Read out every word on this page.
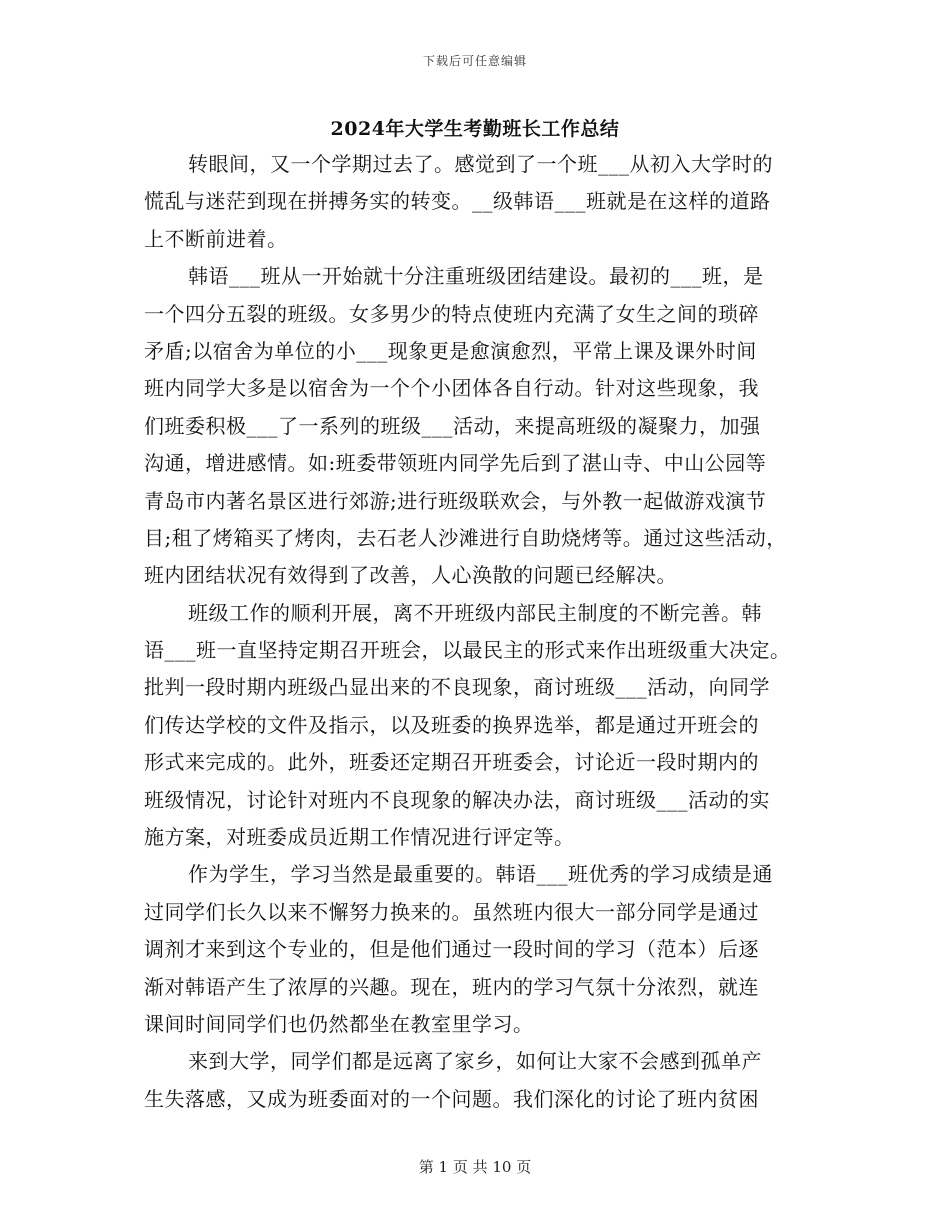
下载后可任意编辑
2024年大学生考勤班长工作总结
转眼间，又一个学期过去了。感觉到了一个班___从初入大学时的
慌乱与迷茫到现在拼搏务实的转变。__级韩语___班就是在这样的道路
上不断前进着。
韩语___班从一开始就十分注重班级团结建设。最初的___班，是
一个四分五裂的班级。女多男少的特点使班内充满了女生之间的琐碎
矛盾;以宿舍为单位的小___现象更是愈演愈烈，平常上课及课外时间
班内同学大多是以宿舍为一个个小团体各自行动。针对这些现象，我
们班委积极___了一系列的班级___活动，来提高班级的凝聚力，加强
沟通，增进感情。如:班委带领班内同学先后到了湛山寺、中山公园等
青岛市内著名景区进行郊游;进行班级联欢会，与外教一起做游戏演节
目;租了烤箱买了烤肉，去石老人沙滩进行自助烧烤等。通过这些活动，
班内团结状况有效得到了改善，人心涣散的问题已经解决。
班级工作的顺利开展，离不开班级内部民主制度的不断完善。韩
语___班一直坚持定期召开班会，以最民主的形式来作出班级重大决定。
批判一段时期内班级凸显出来的不良现象，商讨班级___活动，向同学
们传达学校的文件及指示，以及班委的换界选举，都是通过开班会的
形式来完成的。此外，班委还定期召开班委会，讨论近一段时期内的
班级情况，讨论针对班内不良现象的解决办法，商讨班级___活动的实
施方案，对班委成员近期工作情况进行评定等。
作为学生，学习当然是最重要的。韩语___班优秀的学习成绩是通
过同学们长久以来不懈努力换来的。虽然班内很大一部分同学是通过
调剂才来到这个专业的，但是他们通过一段时间的学习（范本）后逐
渐对韩语产生了浓厚的兴趣。现在，班内的学习气氛十分浓烈，就连
课间时间同学们也仍然都坐在教室里学习。
来到大学，同学们都是远离了家乡，如何让大家不会感到孤单产
生失落感，又成为班委面对的一个问题。我们深化的讨论了班内贫困
第 1 页 共 10 页
